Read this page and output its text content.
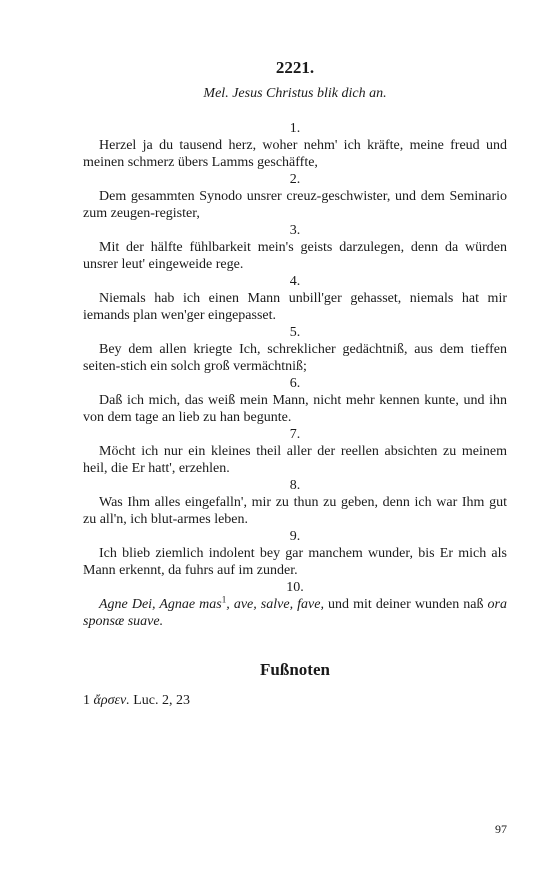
2221.
Mel. Jesus Christus blik dich an.
1.

Herzel ja du tausend herz, woher nehm' ich kräfte, meine freud und meinen schmerz übers Lamms geschäffte,

2.

Dem gesammten Synodo unsrer creuz-geschwister, und dem Seminario zum zeugen-register,

3.

Mit der hälfte fühlbarkeit mein's geists darzulegen, denn da würden unsrer leut' eingeweide rege.

4.

Niemals hab ich einen Mann unbill'ger gehasset, niemals hat mir iemands plan wen'ger eingepasset.

5.

Bey dem allen kriegte Ich, schreklicher gedächtniß, aus dem tieffen seiten-stich ein solch groß vermächtniß;

6.

Daß ich mich, das weiß mein Mann, nicht mehr kennen kunte, und ihn von dem tage an lieb zu han begunte.

7.

Möcht ich nur ein kleines theil aller der reellen absichten zu meinem heil, die Er hatt', erzehlen.

8.

Was Ihm alles eingefalln', mir zu thun zu geben, denn ich war Ihm gut zu all'n, ich blut-armes leben.

9.

Ich blieb ziemlich indolent bey gar manchem wunder, bis Er mich als Mann erkennt, da fuhrs auf im zunder.

10.

Agne Dei, Agnae mas$^1$, ave, salve, fave, und mit deiner wunden naß ora sponsæ suave.

Fußnoten
1 ἄρσεν. Luc. 2, 23
97
